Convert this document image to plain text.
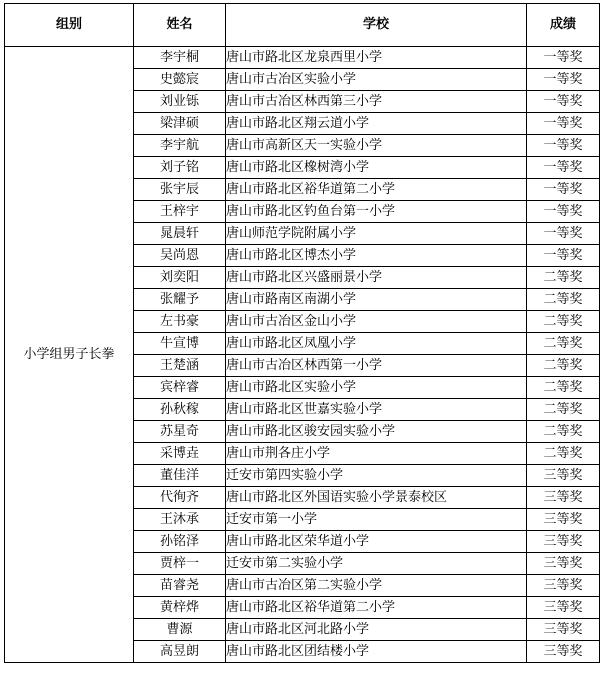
组别	姓名	学校	成绩
小学组男子长拳	李宇桐	唐山市路北区龙泉西里小学	一等奖
	史懿宸	唐山市古冶区实验小学	一等奖
	刘业铄	唐山市古冶区林西第三小学	一等奖
	梁津硕	唐山市路北区翔云道小学	一等奖
	李宇航	唐山市高新区天一实验小学	一等奖
	刘子铭	唐山市路北区橡树湾小学	一等奖
	张宇辰	唐山市路北区裕华道第二小学	一等奖
	王梓宇	唐山市路北区钓鱼台第一小学	一等奖
	晁晨轩	唐山师范学院附属小学	一等奖
	吴尚恩	唐山市路北区博杰小学	一等奖
	刘奕阳	唐山市路北区兴盛丽景小学	二等奖
	张耀予	唐山市路南区南湖小学	二等奖
	左书豪	唐山市古冶区金山小学	二等奖
	牛宣博	唐山市路北区凤凰小学	二等奖
	王楚涵	唐山市古冶区林西第一小学	二等奖
	宾梓睿	唐山市路北区实验小学	二等奖
	孙秋稼	唐山市路北区世嘉实验小学	二等奖
	苏星奇	唐山市路北区骏安园实验小学	二等奖
	采博垚	唐山市荆各庄小学	二等奖
	董佳洋	迁安市第四实验小学	三等奖
	代徇齐	唐山市路北区外国语实验小学景泰校区	三等奖
	王沐承	迁安市第一小学	三等奖
	孙铭泽	唐山市路北区荣华道小学	三等奖
	贾梓一	迁安市第二实验小学	三等奖
	苗睿尧	唐山市古冶区第二实验小学	三等奖
	黄梓烨	唐山市路北区裕华道第二小学	三等奖
	曹源	唐山市路北区河北路小学	三等奖
	高昱朗	唐山市路北区团结楼小学	三等奖
